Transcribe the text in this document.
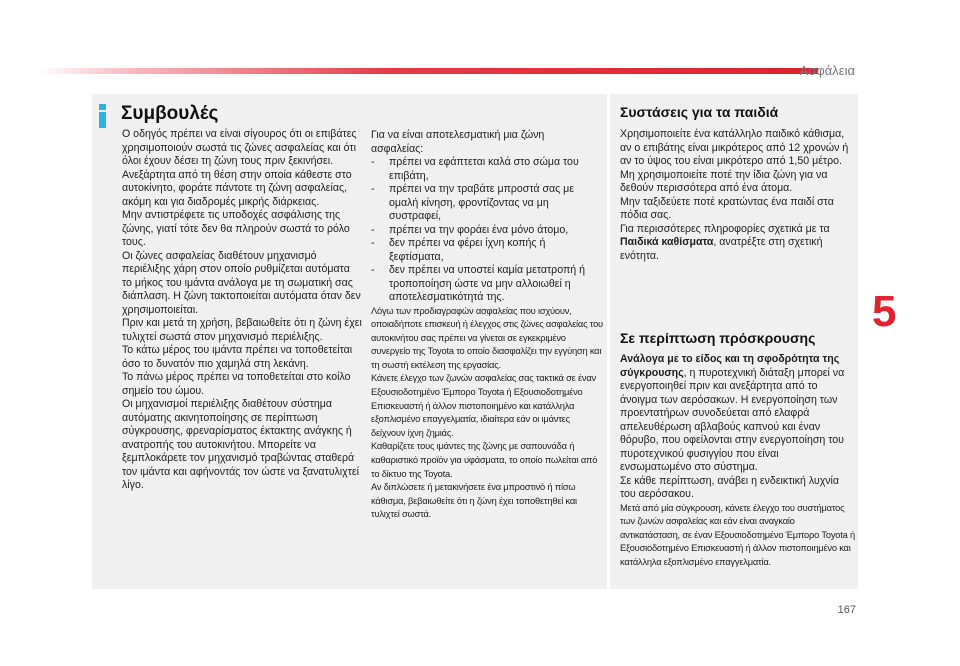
Ασφάλεια
Συμβουλές

Ο οδηγός πρέπει να είναι σίγουρος ότι οι επιβάτες χρησιμοποιούν σωστά τις ζώνες ασφαλείας και ότι όλοι έχουν δέσει τη ζώνη τους πριν ξεκινήσει.

Ανεξάρτητα από τη θέση στην οποία κάθεστε στο αυτοκίνητο, φοράτε πάντοτε τη ζώνη ασφαλείας, ακόμη και για διαδρομές μικρής διάρκειας.

Μην αντιστρέφετε τις υποδοχές ασφάλισης της ζώνης, γιατί τότε δεν θα πληρούν σωστά το ρόλο τους.

Οι ζώνες ασφαλείας διαθέτουν μηχανισμό περιέλιξης χάρη στον οποίο ρυθμίζεται αυτόματα το μήκος του ιμάντα ανάλογα με τη σωματική σας διάπλαση. Η ζώνη τακτοποιείται αυτόματα όταν δεν χρησιμοποιείται.

Πριν και μετά τη χρήση, βεβαιωθείτε ότι η ζώνη έχει τυλιχτεί σωστά στον μηχανισμό περιέλιξης.

Το κάτω μέρος του ιμάντα πρέπει να τοποθετείται όσο το δυνατόν πιο χαμηλά στη λεκάνη.

Το πάνω μέρος πρέπει να τοποθετείται στο κοίλο σημείο του ώμου.

Οι μηχανισμοί περιέλιξης διαθέτουν σύστημα αυτόματης ακινητοποίησης σε περίπτωση σύγκρουσης, φρεναρίσματος έκτακτης ανάγκης ή ανατροπής του αυτοκινήτου. Μπορείτε να ξεμπλοκάρετε τον μηχανισμό τραβώντας σταθερά τον ιμάντα και αφήνοντάς τον ώστε να ξανατυλιχτεί λίγο.

Για να είναι αποτελεσματική μια ζώνη ασφαλείας:

- πρέπει να εφάπτεται καλά στο σώμα του επιβάτη,
- πρέπει να την τραβάτε μπροστά σας με ομαλή κίνηση, φροντίζοντας να μη συστραφεί,
- πρέπει να την φοράει ένα μόνο άτομο,
- δεν πρέπει να φέρει ίχνη κοπής ή ξεφτίσματα,
- δεν πρέπει να υποστεί καμία μετατροπή ή τροποποίηση ώστε να μην αλλοιωθεί η αποτελεσματικότητά της.

Λόγω των προδιαγραφών ασφαλείας που ισχύουν, οποιαδήποτε επισκευή ή έλεγχος στις ζώνες ασφαλείας του αυτοκινήτου σας πρέπει να γίνεται σε εγκεκριμένο συνεργείο της Toyota το οποίο διασφαλίζει την εγγύηση και τη σωστή εκτέλεση της εργασίας.

Κάνετε έλεγχο των ζωνών ασφαλείας σας τακτικά σε έναν Εξουσιοδοτημένο Έμπορο Toyota ή Εξουσιοδοτημένο Επισκευαστή ή άλλον πιστοποιημένο και κατάλληλα εξοπλισμένο επαγγελματία, ιδιαίτερα εάν οι ιμάντες δείχνουν ίχνη ζημιάς.

Καθαρίζετε τους ιμάντες της ζώνης με σαπουνάδα ή καθαριστικό προϊόν για υφάσματα, το οποίο πωλείται από το δίκτυο της Toyota.

Αν διπλώσετε ή μετακινήσετε ένα μπροστινό ή πίσω κάθισμα, βεβαιωθείτε ότι η ζώνη έχει τοποθετηθεί και τυλιχτεί σωστά.

Συστάσεις για τα παιδιά

Χρησιμοποιείτε ένα κατάλληλο παιδικό κάθισμα, αν ο επιβάτης είναι μικρότερος από 12 χρονών ή αν το ύψος του είναι μικρότερο από 1,50 μέτρο.

Μη χρησιμοποιείτε ποτέ την ίδια ζώνη για να δεθούν περισσότερα από ένα άτομα.

Μην ταξιδεύετε ποτέ κρατώντας ένα παιδί στα πόδια σας.

Για περισσότερες πληροφορίες σχετικά με τα Παιδικά καθίσματα, ανατρέξτε στη σχετική ενότητα.

Σε περίπτωση πρόσκρουσης

Ανάλογα με το είδος και τη σφοδρότητα της σύγκρουσης, η πυροτεχνική διάταξη μπορεί να ενεργοποιηθεί πριν και ανεξάρτητα από το άνοιγμα των αερόσακων. Η ενεργοποίηση των προεντατήρων συνοδεύεται από ελαφρά απελευθέρωση αβλαβούς καπνού και έναν θόρυβο, που οφείλονται στην ενεργοποίηση του πυροτεχνικού φυσιγγίου που είναι ενσωματωμένο στο σύστημα.

Σε κάθε περίπτωση, ανάβει η ενδεικτική λυχνία του αερόσακου.

Μετά από μία σύγκρουση, κάνετε έλεγχο του συστήματος των ζωνών ασφαλείας και εάν είναι αναγκαίο αντικατάσταση, σε έναν Εξουσιοδοτημένο Έμπορο Toyota ή Εξουσιοδοτημένο Επισκευαστή ή άλλον πιστοποιημένο και κατάλληλα εξοπλισμένο επαγγελματία.

5
167
